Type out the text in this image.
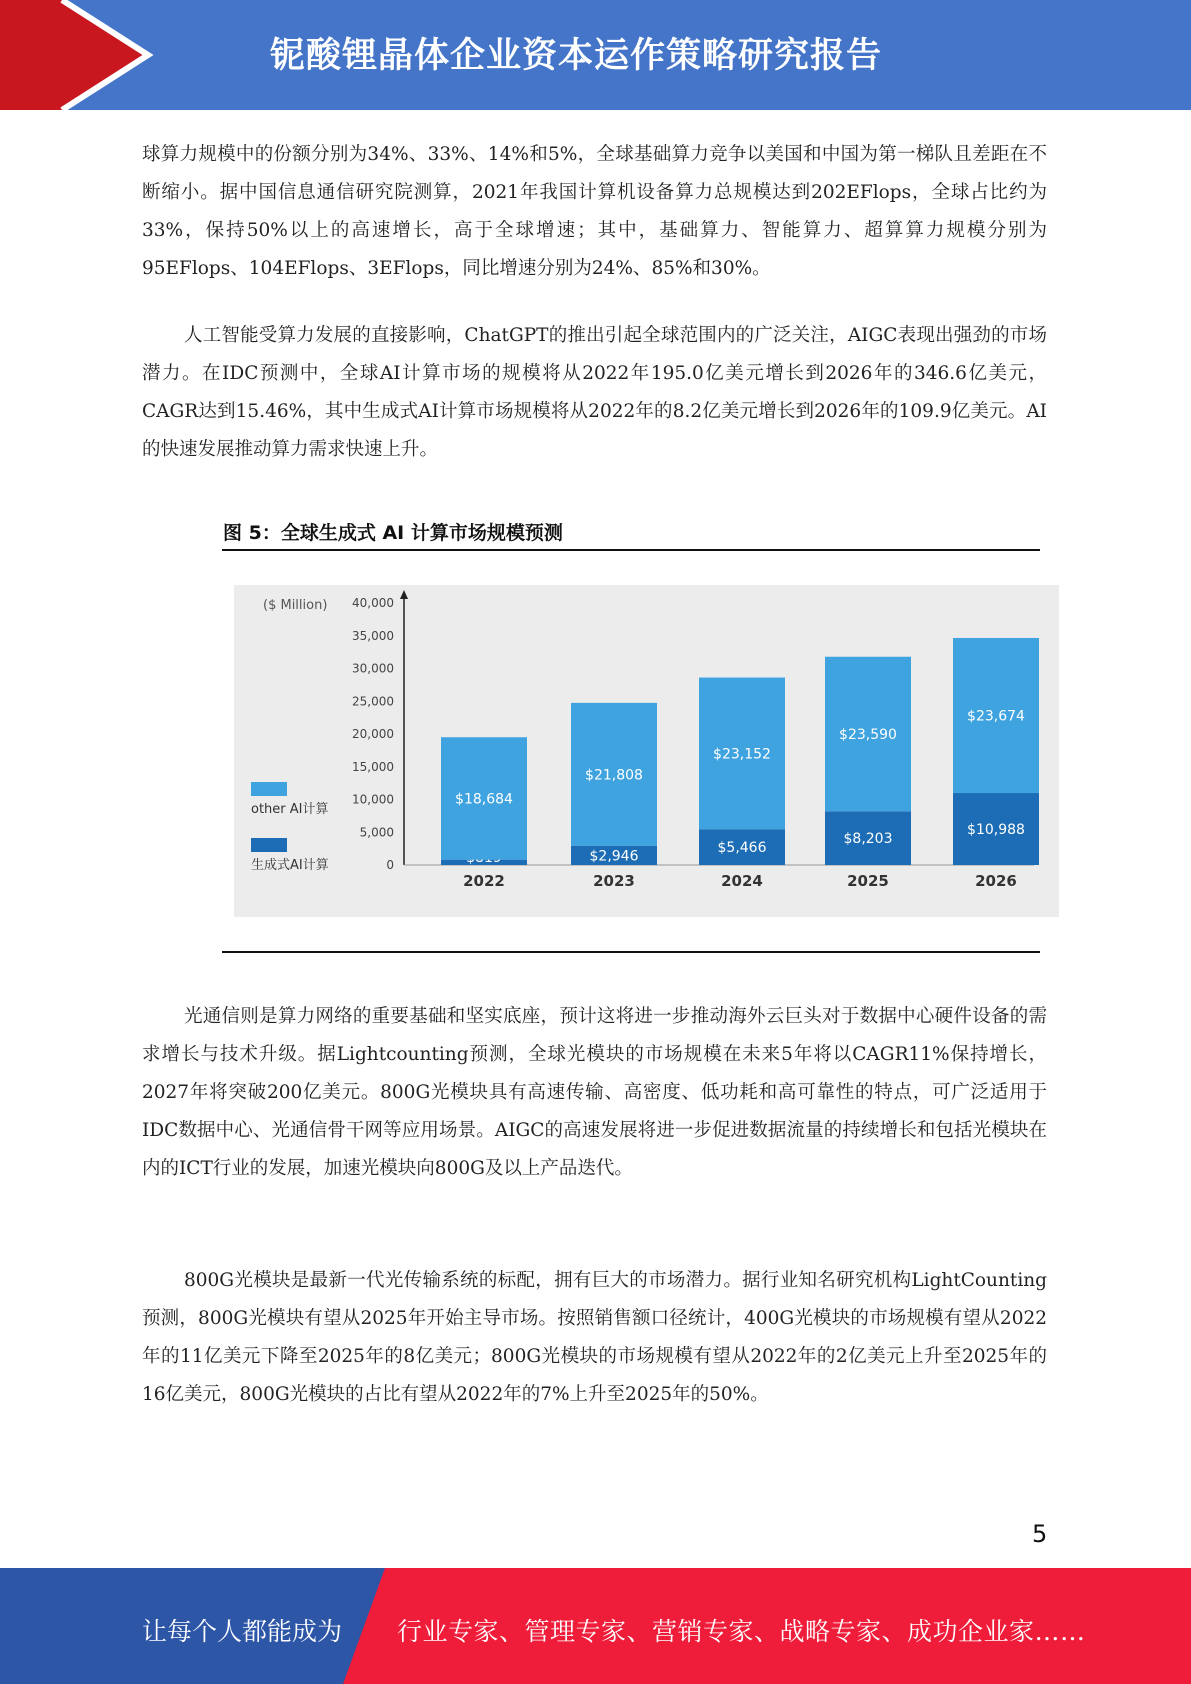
铌酸锂晶体企业资本运作策略研究报告

球算力规模中的份额分别为34%、33%、14%和5%，全球基础算力竞争以美国和中国为第一梯队且差距在不断缩小。据中国信息通信研究院测算，2021年我国计算机设备算力总规模达到202EFlops，全球占比约为33%，保持50%以上的高速增长，高于全球增速；其中，基础算力、智能算力、超算算力规模分别为95EFlops、104EFlops、3EFlops，同比增速分别为24%、85%和30%。

人工智能受算力发展的直接影响，ChatGPT的推出引起全球范围内的广泛关注，AIGC表现出强劲的市场潜力。在IDC预测中，全球AI计算市场的规模将从2022年195.0亿美元增长到2026年的346.6亿美元，CAGR达到15.46%，其中生成式AI计算市场规模将从2022年的8.2亿美元增长到2026年的109.9亿美元。AI的快速发展推动算力需求快速上升。

图 5：全球生成式 AI 计算市场规模预测
($ Million)
0
5,000
10,000
15,000
20,000
25,000
30,000
35,000
40,000
$18,684
$2,946
$21,808
$5,466
$23,152
$8,203
$23,590
$10,988
$23,674
2022	2023	2024	2025	2026
other AI计算
生成式AI计算

光通信则是算力网络的重要基础和坚实底座，预计这将进一步推动海外云巨头对于数据中心硬件设备的需求增长与技术升级。据Lightcounting预测，全球光模块的市场规模在未来5年将以CAGR11%保持增长，2027年将突破200亿美元。800G光模块具有高速传输、高密度、低功耗和高可靠性的特点，可广泛适用于IDC数据中心、光通信骨干网等应用场景。AIGC的高速发展将进一步促进数据流量的持续增长和包括光模块在内的ICT行业的发展，加速光模块向800G及以上产品迭代。

800G光模块是最新一代光传输系统的标配，拥有巨大的市场潜力。据行业知名研究机构LightCounting预测，800G光模块有望从2025年开始主导市场。按照销售额口径统计，400G光模块的市场规模有望从2022年的11亿美元下降至2025年的8亿美元；800G光模块的市场规模有望从2022年的2亿美元上升至2025年的16亿美元，800G光模块的占比有望从2022年的7%上升至2025年的50%。

5
让每个人都能成为 行业专家、管理专家、营销专家、战略专家、成功企业家……
